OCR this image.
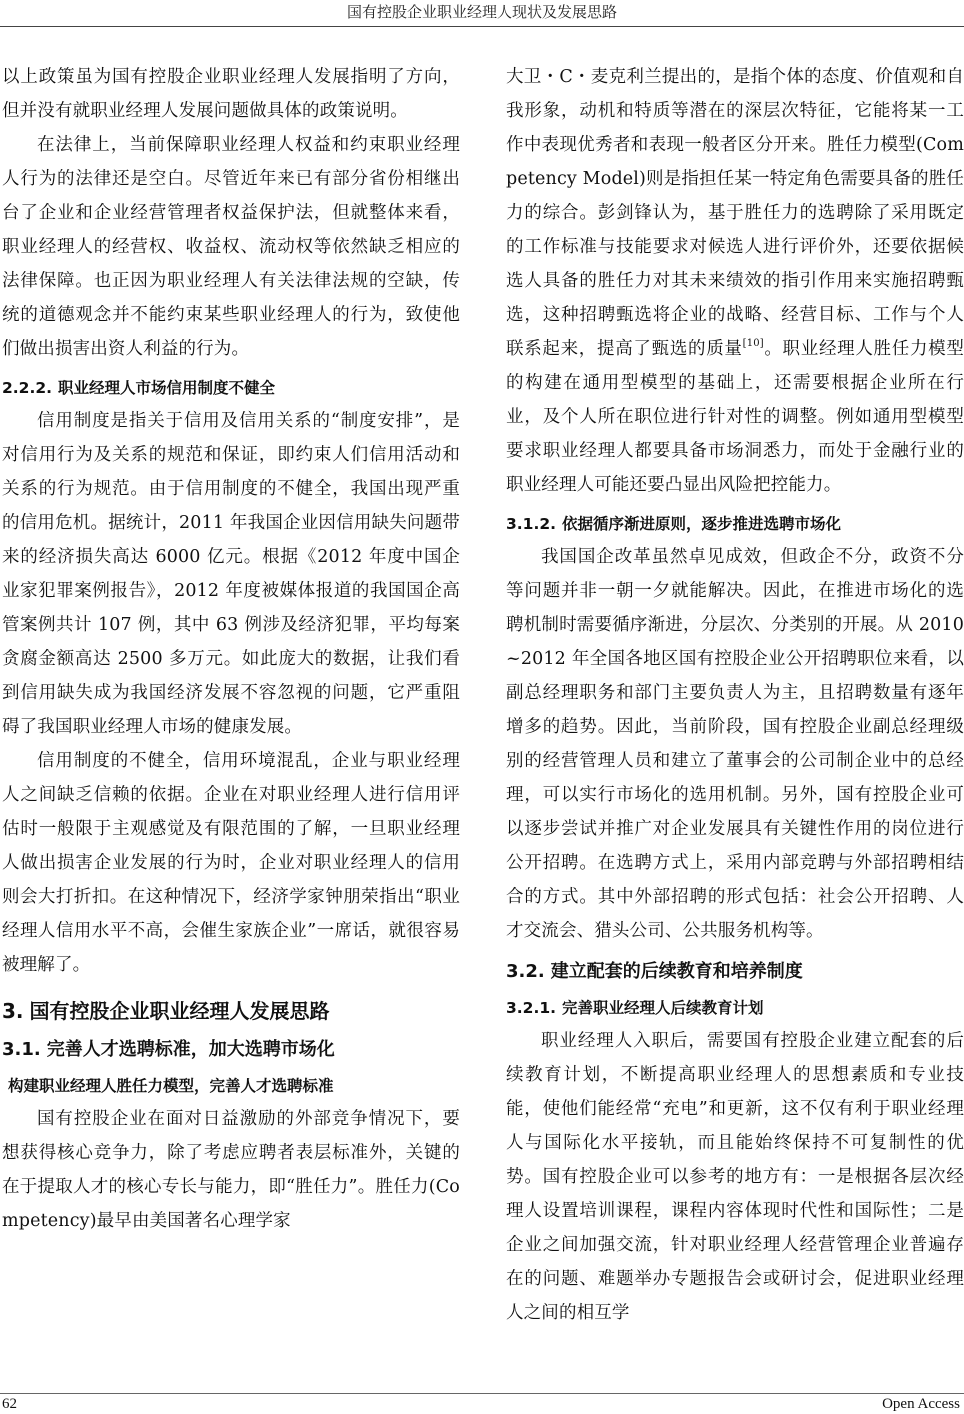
国有控股企业职业经理人现状及发展思路

以上政策虽为国有控股企业职业经理人发展指明了方向，但并没有就职业经理人发展问题做具体的政策说明。

在法律上，当前保障职业经理人权益和约束职业经理人行为的法律还是空白。尽管近年来已有部分省份相继出台了企业和企业经营管理者权益保护法，但就整体来看，职业经理人的经营权、收益权、流动权等依然缺乏相应的法律保障。也正因为职业经理人有关法律法规的空缺，传统的道德观念并不能约束某些职业经理人的行为，致使他们做出损害出资人利益的行为。

2.2.2. 职业经理人市场信用制度不健全

信用制度是指关于信用及信用关系的“制度安排”，是对信用行为及关系的规范和保证，即约束人们信用活动和关系的行为规范。由于信用制度的不健全，我国出现严重的信用危机。据统计，2011 年我国企业因信用缺失问题带来的经济损失高达 6000 亿元。根据《2012 年度中国企业家犯罪案例报告》，2012 年度被媒体报道的我国国企高管案例共计 107 例，其中 63 例涉及经济犯罪，平均每案贪腐金额高达 2500 多万元。如此庞大的数据，让我们看到信用缺失成为我国经济发展不容忽视的问题，它严重阻碍了我国职业经理人市场的健康发展。

信用制度的不健全，信用环境混乱，企业与职业经理人之间缺乏信赖的依据。企业在对职业经理人进行信用评估时一般限于主观感觉及有限范围的了解，一旦职业经理人做出损害企业发展的行为时，企业对职业经理人的信用则会大打折扣。在这种情况下，经济学家钟朋荣指出“职业经理人信用水平不高，会催生家族企业”一席话，就很容易被理解了。

3. 国有控股企业职业经理人发展思路
3.1. 完善人才选聘标准，加大选聘市场化
构建职业经理人胜任力模型，完善人才选聘标准

国有控股企业在面对日益激励的外部竞争情况下，要想获得核心竞争力，除了考虑应聘者表层标准外，关键的在于提取人才的核心专长与能力，即“胜任力”。胜任力(Competency)最早由美国著名心理学家

大卫・C・麦克利兰提出的，是指个体的态度、价值观和自我形象，动机和特质等潜在的深层次特征，它能将某一工作中表现优秀者和表现一般者区分开来。胜任力模型(Competency Model)则是指担任某一特定角色需要具备的胜任力的综合。彭剑锋认为，基于胜任力的选聘除了采用既定的工作标准与技能要求对候选人进行评价外，还要依据候选人具备的胜任力对其未来绩效的指引作用来实施招聘甄选，这种招聘甄选将企业的战略、经营目标、工作与个人联系起来，提高了甄选的质量[10]。职业经理人胜任力模型的构建在通用型模型的基础上，还需要根据企业所在行业，及个人所在职位进行针对性的调整。例如通用型模型要求职业经理人都要具备市场洞悉力，而处于金融行业的职业经理人可能还要凸显出风险把控能力。

3.1.2. 依据循序渐进原则，逐步推进选聘市场化

我国国企改革虽然卓见成效，但政企不分，政资不分等问题并非一朝一夕就能解决。因此，在推进市场化的选聘机制时需要循序渐进，分层次、分类别的开展。从 2010~2012 年全国各地区国有控股企业公开招聘职位来看，以副总经理职务和部门主要负责人为主，且招聘数量有逐年增多的趋势。因此，当前阶段，国有控股企业副总经理级别的经营管理人员和建立了董事会的公司制企业中的总经理，可以实行市场化的选用机制。另外，国有控股企业可以逐步尝试并推广对企业发展具有关键性作用的岗位进行公开招聘。在选聘方式上，采用内部竞聘与外部招聘相结合的方式。其中外部招聘的形式包括：社会公开招聘、人才交流会、猎头公司、公共服务机构等。

3.2. 建立配套的后续教育和培养制度
3.2.1. 完善职业经理人后续教育计划

职业经理人入职后，需要国有控股企业建立配套的后续教育计划，不断提高职业经理人的思想素质和专业技能，使他们能经常“充电”和更新，这不仅有利于职业经理人与国际化水平接轨，而且能始终保持不可复制性的优势。国有控股企业可以参考的地方有：一是根据各层次经理人设置培训课程，课程内容体现时代性和国际性；二是企业之间加强交流，针对职业经理人经营管理企业普遍存在的问题、难题举办专题报告会或研讨会，促进职业经理人之间的相互学

62	Open Access
